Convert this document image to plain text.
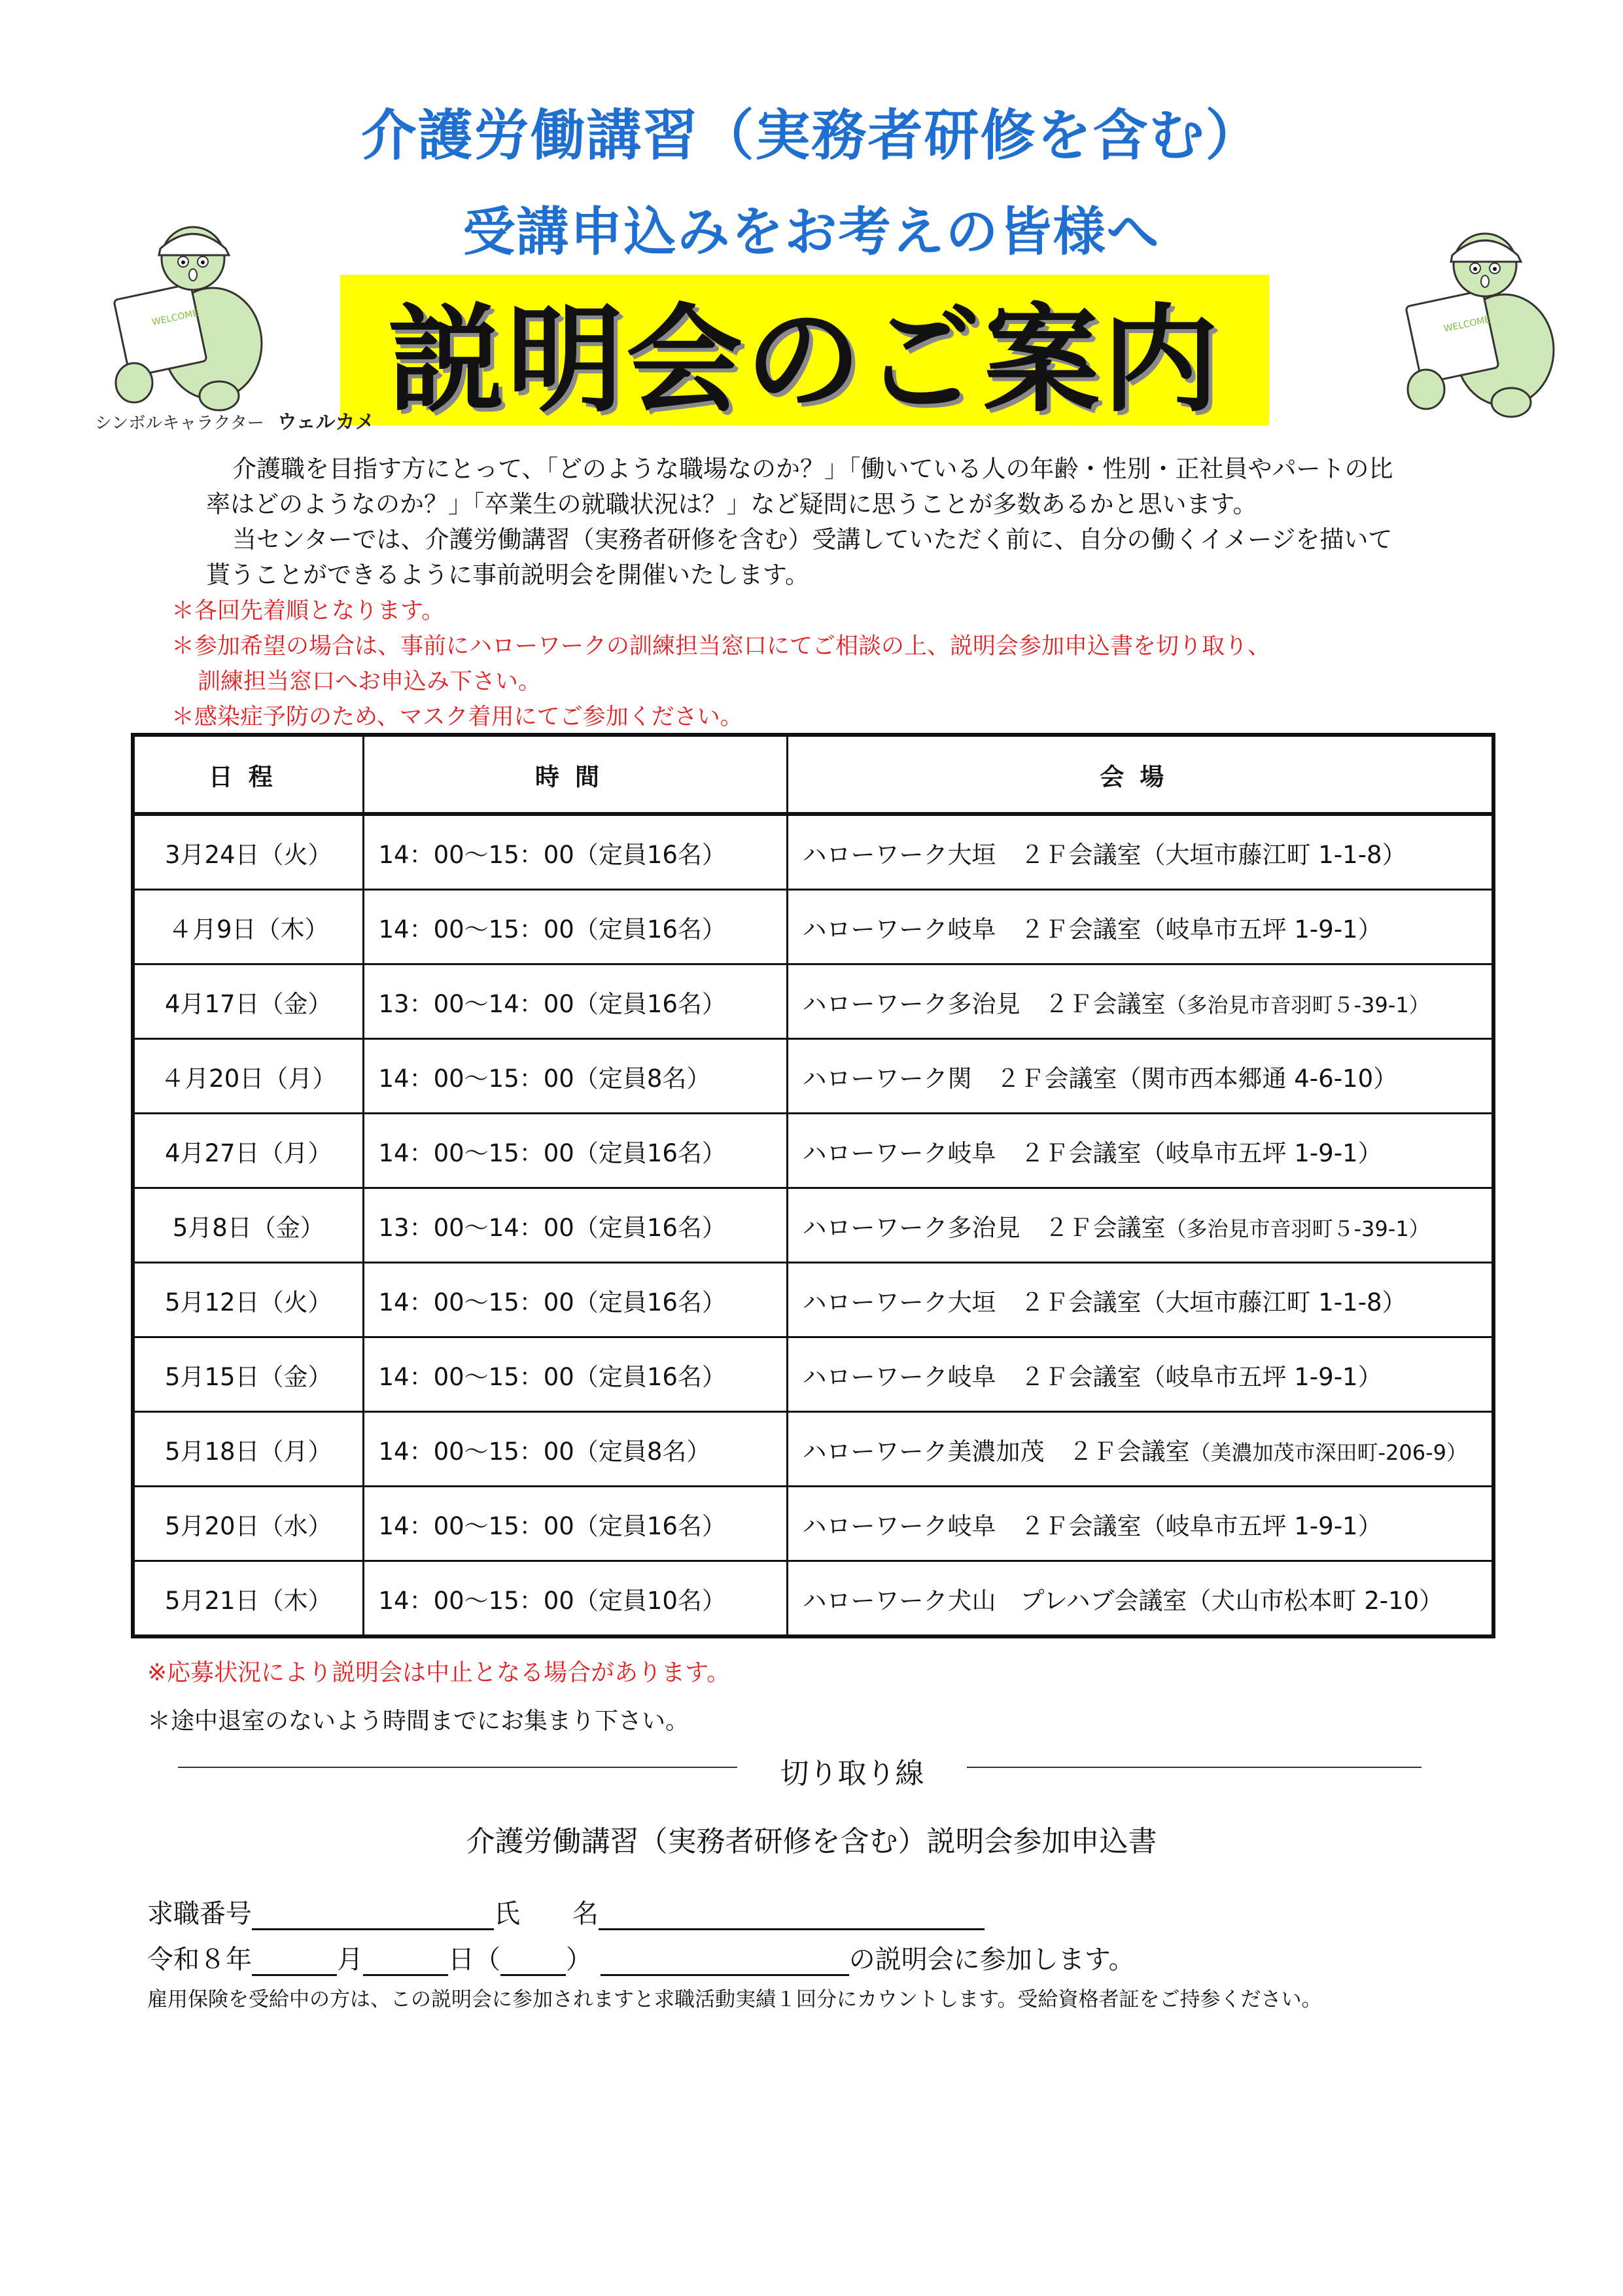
介護労働講習（実務者研修を含む）
受講申込みをお考えの皆様へ
説明会のご案内
WELCOME
シンボルキャラクター ウェルカメ
WELCOME
介護職を目指す方にとって、「どのような職場なのか？」「働いている人の年齢・性別・正社員やパートの比
率はどのようなのか？」「卒業生の就職状況は？」など疑問に思うことが多数あるかと思います。
当センターでは、介護労働講習（実務者研修を含む）受講していただく前に、自分の働くイメージを描いて
貰うことができるように事前説明会を開催いたします。
＊各回先着順となります。
＊参加希望の場合は、事前にハローワークの訓練担当窓口にてご相談の上、説明会参加申込書を切り取り、
訓練担当窓口へお申込み下さい。
＊感染症予防のため、マスク着用にてご参加ください。
日程	時間	会場
3月24日（火）	14：00〜15：00（定員16名）	ハローワーク大垣　２Ｆ会議室（大垣市藤江町 1-1-8）
４月9日（木）	14：00〜15：00（定員16名）	ハローワーク岐阜　２Ｆ会議室（岐阜市五坪 1-9-1）
4月17日（金）	13：00〜14：00（定員16名）	ハローワーク多治見　２Ｆ会議室（多治見市音羽町５-39-1）
４月20日（月）	14：00〜15：00（定員8名）	ハローワーク関　２Ｆ会議室（関市西本郷通 4-6-10）
4月27日（月）	14：00〜15：00（定員16名）	ハローワーク岐阜　２Ｆ会議室（岐阜市五坪 1-9-1）
5月8日（金）	13：00〜14：00（定員16名）	ハローワーク多治見　２Ｆ会議室（多治見市音羽町５-39-1）
5月12日（火）	14：00〜15：00（定員16名）	ハローワーク大垣　２Ｆ会議室（大垣市藤江町 1-1-8）
5月15日（金）	14：00〜15：00（定員16名）	ハローワーク岐阜　２Ｆ会議室（岐阜市五坪 1-9-1）
5月18日（月）	14：00〜15：00（定員8名）	ハローワーク美濃加茂　２Ｆ会議室（美濃加茂市深田町-206-9）
5月20日（水）	14：00〜15：00（定員16名）	ハローワーク岐阜　２Ｆ会議室（岐阜市五坪 1-9-1）
5月21日（木）	14：00〜15：00（定員10名）	ハローワーク犬山　プレハブ会議室（犬山市松本町 2-10）
※応募状況により説明会は中止となる場合があります。
＊途中退室のないよう時間までにお集まり下さい。
切り取り線
介護労働講習（実務者研修を含む）説明会参加申込書
求職番号	氏　　名
令和８年	月	日（	）	の説明会に参加します。
雇用保険を受給中の方は、この説明会に参加されますと求職活動実績１回分にカウントします。受給資格者証をご持参ください。
